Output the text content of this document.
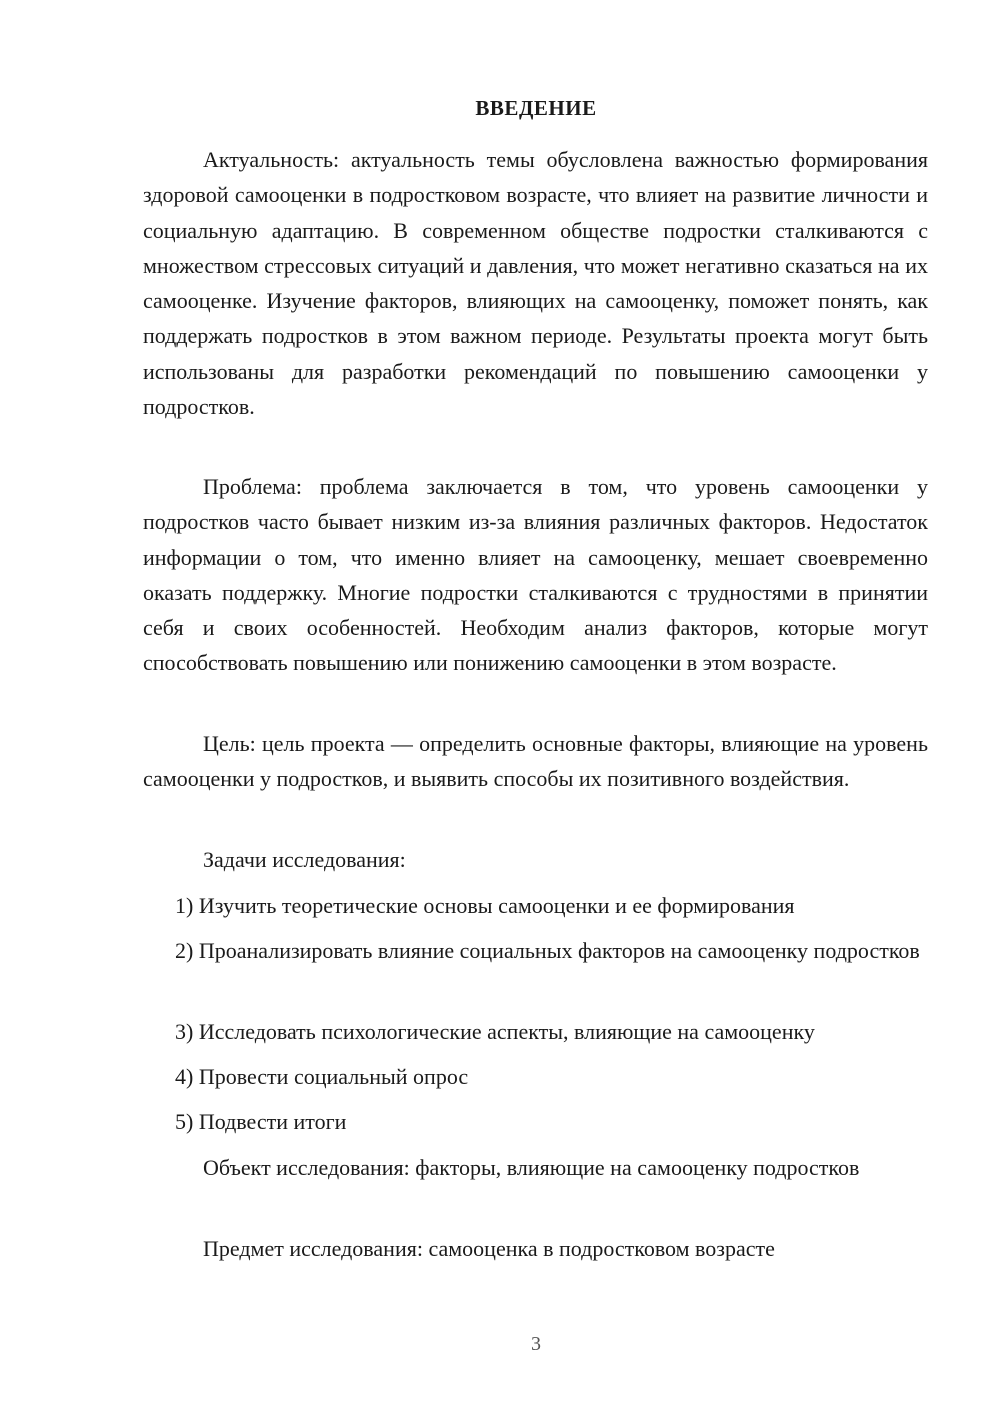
ВВЕДЕНИЕ

Актуальность: актуальность темы обусловлена важностью формирования здоровой самооценки в подростковом возрасте, что влияет на развитие личности и социальную адаптацию. В современном обществе подростки сталкиваются с множеством стрессовых ситуаций и давления, что может негативно сказаться на их самооценке. Изучение факторов, влияющих на самооценку, поможет понять, как поддержать подростков в этом важном периоде. Результаты проекта могут быть использованы для разработки рекомендаций по повышению самооценки у подростков.

Проблема: проблема заключается в том, что уровень самооценки у подростков часто бывает низким из-за влияния различных факторов. Недостаток информации о том, что именно влияет на самооценку, мешает своевременно оказать поддержку. Многие подростки сталкиваются с трудностями в принятии себя и своих особенностей. Необходим анализ факторов, которые могут способствовать повышению или понижению самооценки в этом возрасте.

Цель: цель проекта — определить основные факторы, влияющие на уровень самооценки у подростков, и выявить способы их позитивного воздействия.

Задачи исследования:

1) Изучить теоретические основы самооценки и ее формирования

2) Проанализировать влияние социальных факторов на самооценку подростков

3) Исследовать психологические аспекты, влияющие на самооценку

4) Провести социальный опрос

5) Подвести итоги

Объект исследования: факторы, влияющие на самооценку подростков

Предмет исследования: самооценка в подростковом возрасте

3
